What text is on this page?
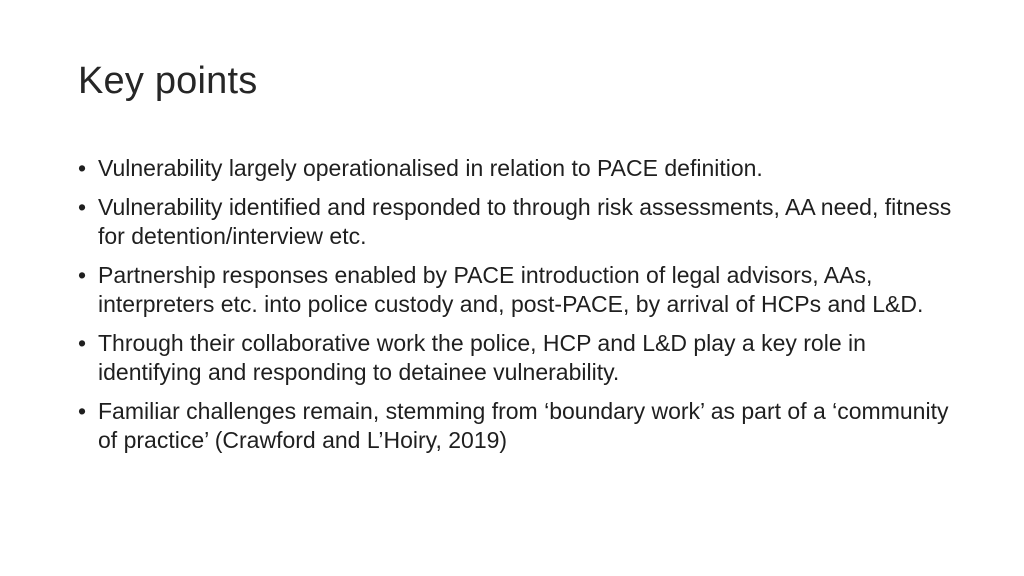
Key points
• Vulnerability largely operationalised in relation to PACE definition.
• Vulnerability identified and responded to through risk assessments, AA need, fitness for detention/interview etc.
• Partnership responses enabled by PACE introduction of legal advisors, AAs, interpreters etc. into police custody and, post-PACE, by arrival of HCPs and L&D.
• Through their collaborative work the police, HCP and L&D play a key role in identifying and responding to detainee vulnerability.
• Familiar challenges remain, stemming from ‘boundary work’ as part of a ‘community of practice’ (Crawford and L’Hoiry, 2019)
